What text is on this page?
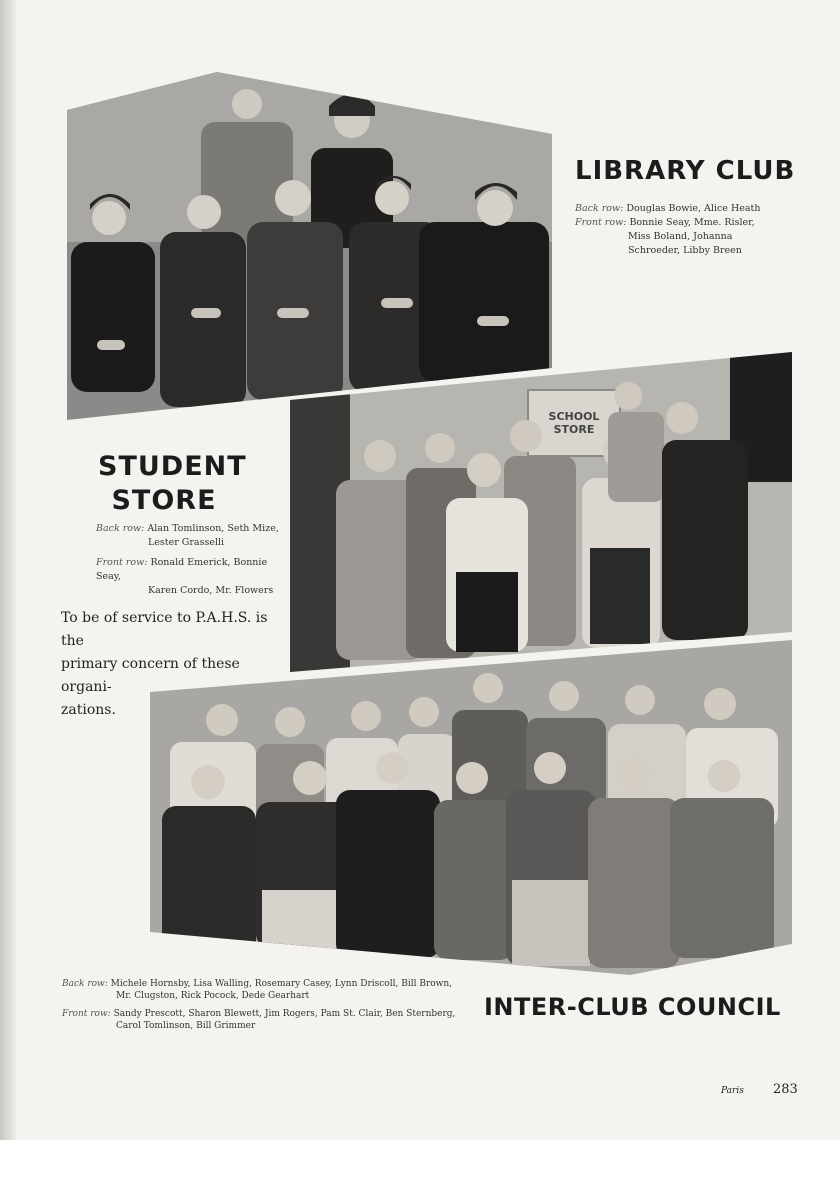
LIBRARY CLUB

Back row: Douglas Bowie, Alice Heath
Front row: Bonnie Seay, Mme. Risler,
Miss Boland, Johanna
Schroeder, Libby Breen

SCHOOL
STORE
STUDENT
STORE

Back row: Alan Tomlinson, Seth Mize,
Lester Grasselli
Front row: Ronald Emerick, Bonnie Seay,
Karen Cordo, Mr. Flowers

To be of service to P.A.H.S. is the
primary concern of these organi-
zations.

Back row: Michele Hornsby, Lisa Walling, Rosemary Casey, Lynn Driscoll, Bill Brown,
Mr. Clugston, Rick Pocock, Dede Gearhart
Front row: Sandy Prescott, Sharon Blewett, Jim Rogers, Pam St. Clair, Ben Sternberg,
Carol Tomlinson, Bill Grimmer

INTER-CLUB COUNCIL
Paris 283
